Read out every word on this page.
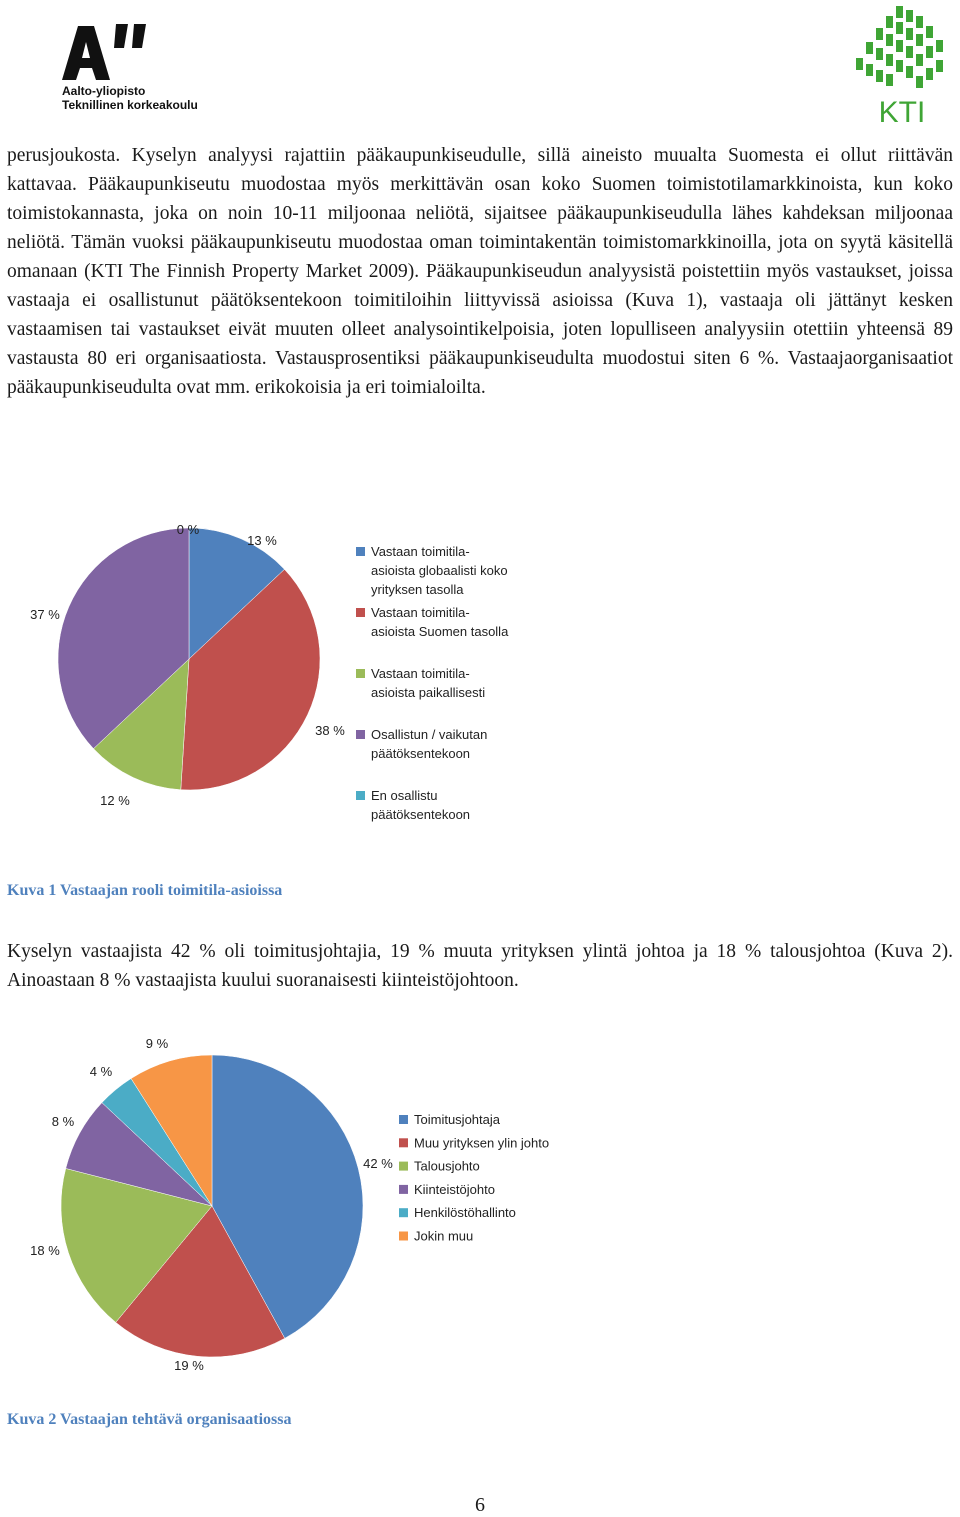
Aalto-yliopisto
Teknillinen korkeakoulu	KTI

perusjoukosta. Kyselyn analyysi rajattiin pääkaupunkiseudulle, sillä aineisto muualta Suomesta ei ollut riittävän kattavaa. Pääkaupunkiseutu muodostaa myös merkittävän osan koko Suomen toimistotilamarkkinoista, kun koko toimistokannasta, joka on noin 10-11 miljoonaa neliötä, sijaitsee pääkaupunkiseudulla lähes kahdeksan miljoonaa neliötä. Tämän vuoksi pääkaupunkiseutu muodostaa oman toimintakentän toimistomarkkinoilla, jota on syytä käsitellä omanaan (KTI The Finnish Property Market 2009). Pääkaupunkiseudun analyysistä poistettiin myös vastaukset, joissa vastaaja ei osallistunut päätöksentekoon toimitiloihin liittyvissä asioissa (Kuva 1), vastaaja oli jättänyt kesken vastaamisen tai vastaukset eivät muuten olleet analysointikelpoisia, joten lopulliseen analyysiin otettiin yhteensä 89 vastausta 80 eri organisaatiosta. Vastausprosentiksi pääkaupunkiseudulta muodostui siten 6 %. Vastaajaorganisaatiot pääkaupunkiseudulta ovat mm. erikokoisia ja eri toimialoilta.

13 %
38 %
12 %
37 %
0 %
Vastaan toimitila-asioista globaalisti koko yrityksen tasolla
Vastaan toimitila-asioista Suomen tasolla
Vastaan toimitila-asioista paikallisesti
Osallistun / vaikutan päätöksentekoon
En osallistu päätöksentekoon

Kuva 1 Vastaajan rooli toimitila-asioissa

Kyselyn vastaajista 42 % oli toimitusjohtajia, 19 % muuta yrityksen ylintä johtoa ja 18 % talousjohtoa (Kuva 2). Ainoastaan 8 % vastaajista kuului suoranaisesti kiinteistöjohtoon.

42 %
19 %
18 %
8 %
4 %
9 %
Toimitusjohtaja
Muu yrityksen ylin johto
Talousjohto
Kiinteistöjohto
Henkilöstöhallinto
Jokin muu

Kuva 2 Vastaajan tehtävä organisaatiossa

6
